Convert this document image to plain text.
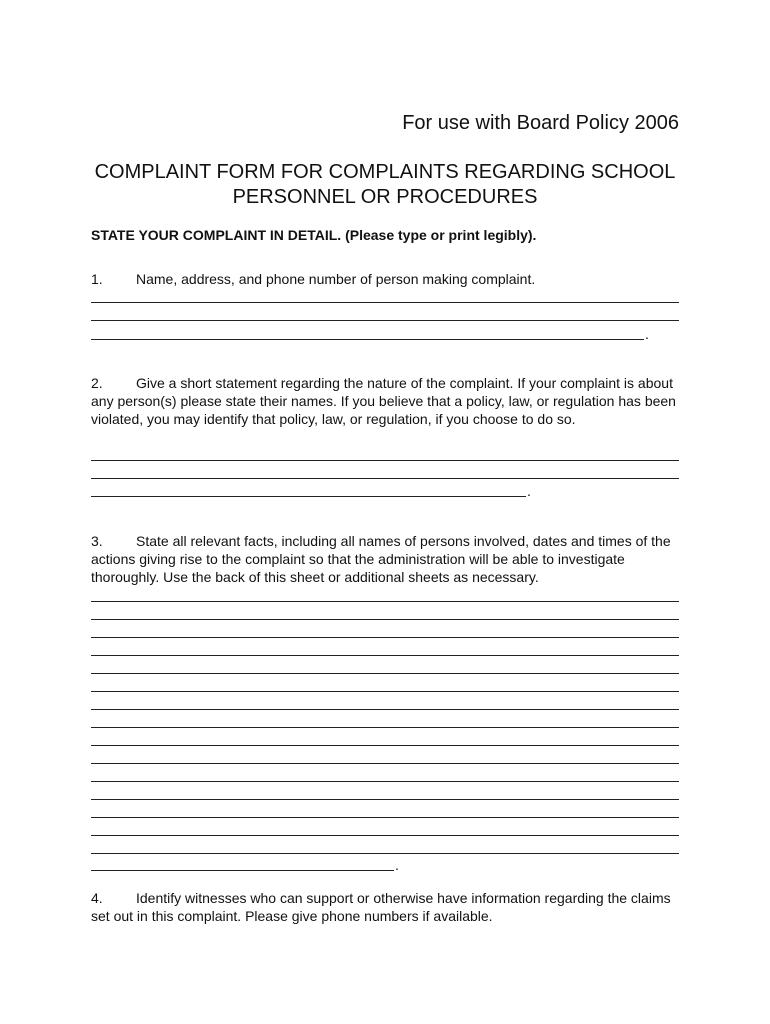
For use with Board Policy 2006
COMPLAINT FORM FOR COMPLAINTS REGARDING SCHOOL
PERSONNEL OR PROCEDURES
STATE YOUR COMPLAINT IN DETAIL. (Please type or print legibly).
1. Name, address, and phone number of person making complaint.
.
2. Give a short statement regarding the nature of the complaint. If your complaint is about any person(s) please state their names. If you believe that a policy, law, or regulation has been violated, you may identify that policy, law, or regulation, if you choose to do so.
.
3. State all relevant facts, including all names of persons involved, dates and times of the actions giving rise to the complaint so that the administration will be able to investigate thoroughly. Use the back of this sheet or additional sheets as necessary.
.
4. Identify witnesses who can support or otherwise have information regarding the claims set out in this complaint. Please give phone numbers if available.
